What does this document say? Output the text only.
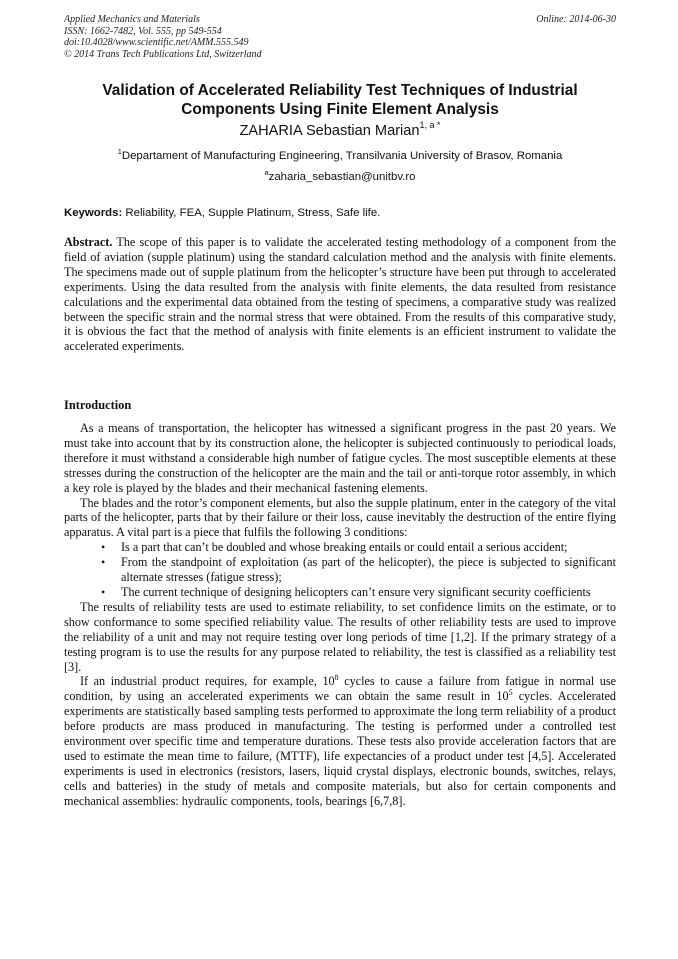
Applied Mechanics and Materials
ISSN: 1662-7482, Vol. 555, pp 549-554
doi:10.4028/www.scientific.net/AMM.555.549
© 2014 Trans Tech Publications Ltd, Switzerland
Online: 2014-06-30
Validation of Accelerated Reliability Test Techniques of Industrial
Components Using Finite Element Analysis
ZAHARIA Sebastian Marian$^{1, a *}$
$^1$Departament of Manufacturing Engineering, Transilvania University of Brasov, Romania
$^a$zaharia_sebastian@unitbv.ro
Keywords: Reliability, FEA, Supple Platinum, Stress, Safe life.
Abstract. The scope of this paper is to validate the accelerated testing methodology of a component from the field of aviation (supple platinum) using the standard calculation method and the analysis with finite elements. The specimens made out of supple platinum from the helicopter’s structure have been put through to accelerated experiments. Using the data resulted from the analysis with finite elements, the data resulted from resistance calculations and the experimental data obtained from the testing of specimens, a comparative study was realized between the specific strain and the normal stress that were obtained. From the results of this comparative study, it is obvious the fact that the method of analysis with finite elements is an efficient instrument to validate the accelerated experiments.
Introduction

As a means of transportation, the helicopter has witnessed a significant progress in the past 20 years. We must take into account that by its construction alone, the helicopter is subjected continuously to periodical loads, therefore it must withstand a considerable high number of fatigue cycles. The most susceptible elements at these stresses during the construction of the helicopter are the main and the tail or anti-torque rotor assembly, in which a key role is played by the blades and their mechanical fastening elements.

The blades and the rotor’s component elements, but also the supple platinum, enter in the category of the vital parts of the helicopter, parts that by their failure or their loss, cause inevitably the destruction of the entire flying apparatus. A vital part is a piece that fulfils the following 3 conditions:

• Is a part that can’t be doubled and whose breaking entails or could entail a serious accident;
• From the standpoint of exploitation (as part of the helicopter), the piece is subjected to significant alternate stresses (fatigue stress);
• The current technique of designing helicopters can’t ensure very significant security coefficients

The results of reliability tests are used to estimate reliability, to set confidence limits on the estimate, or to show conformance to some specified reliability value. The results of other reliability tests are used to improve the reliability of a unit and may not require testing over long periods of time [1,2]. If the primary strategy of a testing program is to use the results for any purpose related to reliability, the test is classified as a reliability test [3].

If an industrial product requires, for example, $10^8$ cycles to cause a failure from fatigue in normal use condition, by using an accelerated experiments we can obtain the same result in $10^5$ cycles. Accelerated experiments are statistically based sampling tests performed to approximate the long term reliability of a product before products are mass produced in manufacturing. The testing is performed under a controlled test environment over specific time and temperature durations. These tests also provide acceleration factors that are used to estimate the mean time to failure, (MTTF), life expectancies of a product under test [4,5]. Accelerated experiments is used in electronics (resistors, lasers, liquid crystal displays, electronic bounds, switches, relays, cells and batteries) in the study of metals and composite materials, but also for certain components and mechanical assemblies: hydraulic components, tools, bearings [6,7,8].
